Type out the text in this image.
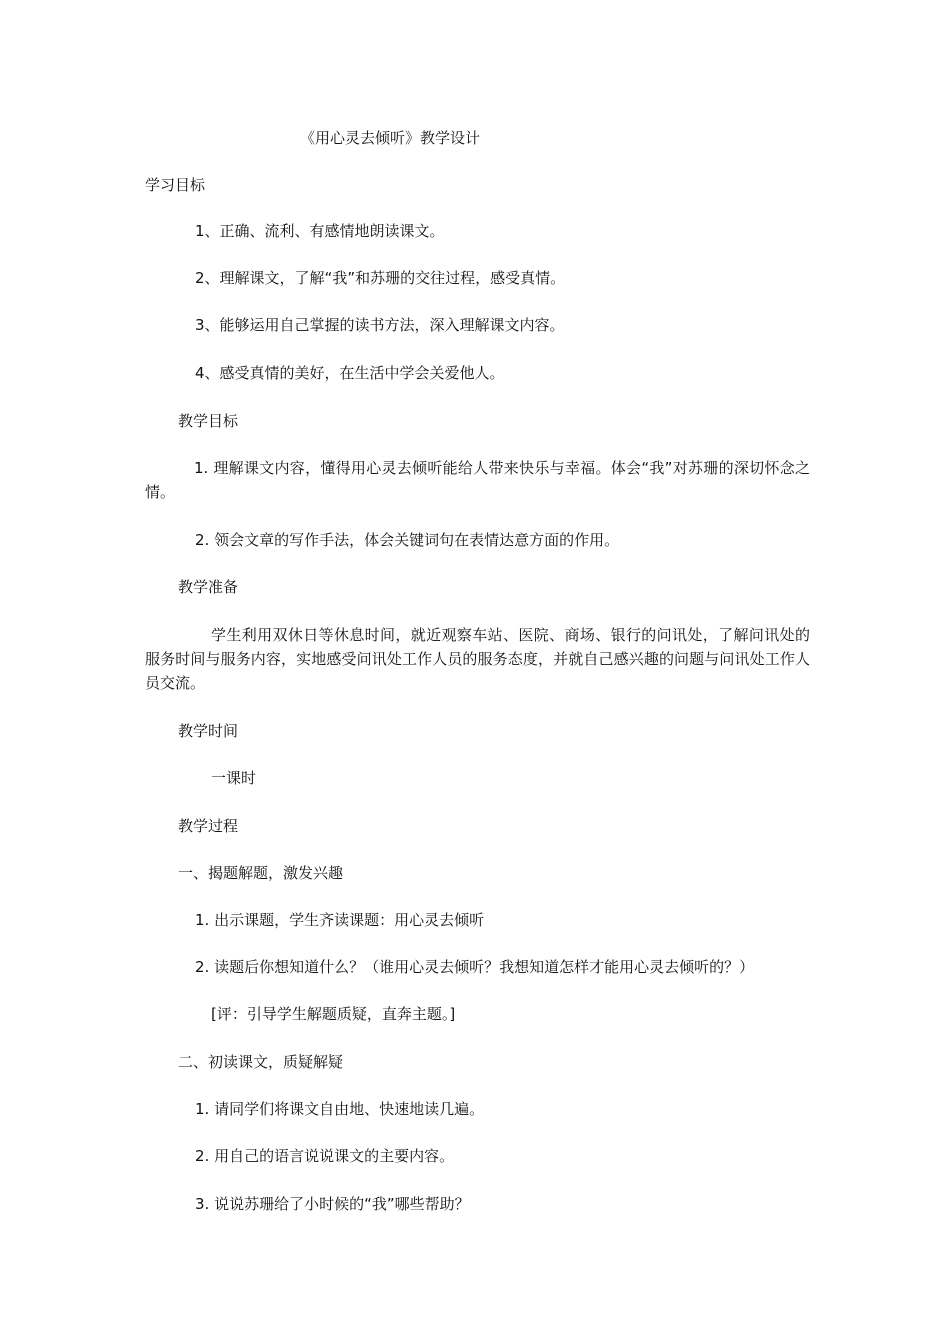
《用心灵去倾听》教学设计
学习目标
1、正确、流利、有感情地朗读课文。
2、理解课文，了解“我”和苏珊的交往过程，感受真情。
3、能够运用自己掌握的读书方法，深入理解课文内容。
4、感受真情的美好，在生活中学会关爱他人。
教学目标
1. 理解课文内容，懂得用心灵去倾听能给人带来快乐与幸福。体会“我”对苏珊的深切怀念之情。
2. 领会文章的写作手法，体会关键词句在表情达意方面的作用。
教学准备
学生利用双休日等休息时间，就近观察车站、医院、商场、银行的问讯处，了解问讯处的服务时间与服务内容，实地感受问讯处工作人员的服务态度，并就自己感兴趣的问题与问讯处工作人员交流。
教学时间
一课时
教学过程
一、揭题解题，激发兴趣
1. 出示课题，学生齐读课题：用心灵去倾听
2. 读题后你想知道什么？（谁用心灵去倾听？我想知道怎样才能用心灵去倾听的？）
[评：引导学生解题质疑，直奔主题。]
二、初读课文，质疑解疑
1. 请同学们将课文自由地、快速地读几遍。
2. 用自己的语言说说课文的主要内容。
3. 说说苏珊给了小时候的“我”哪些帮助？
